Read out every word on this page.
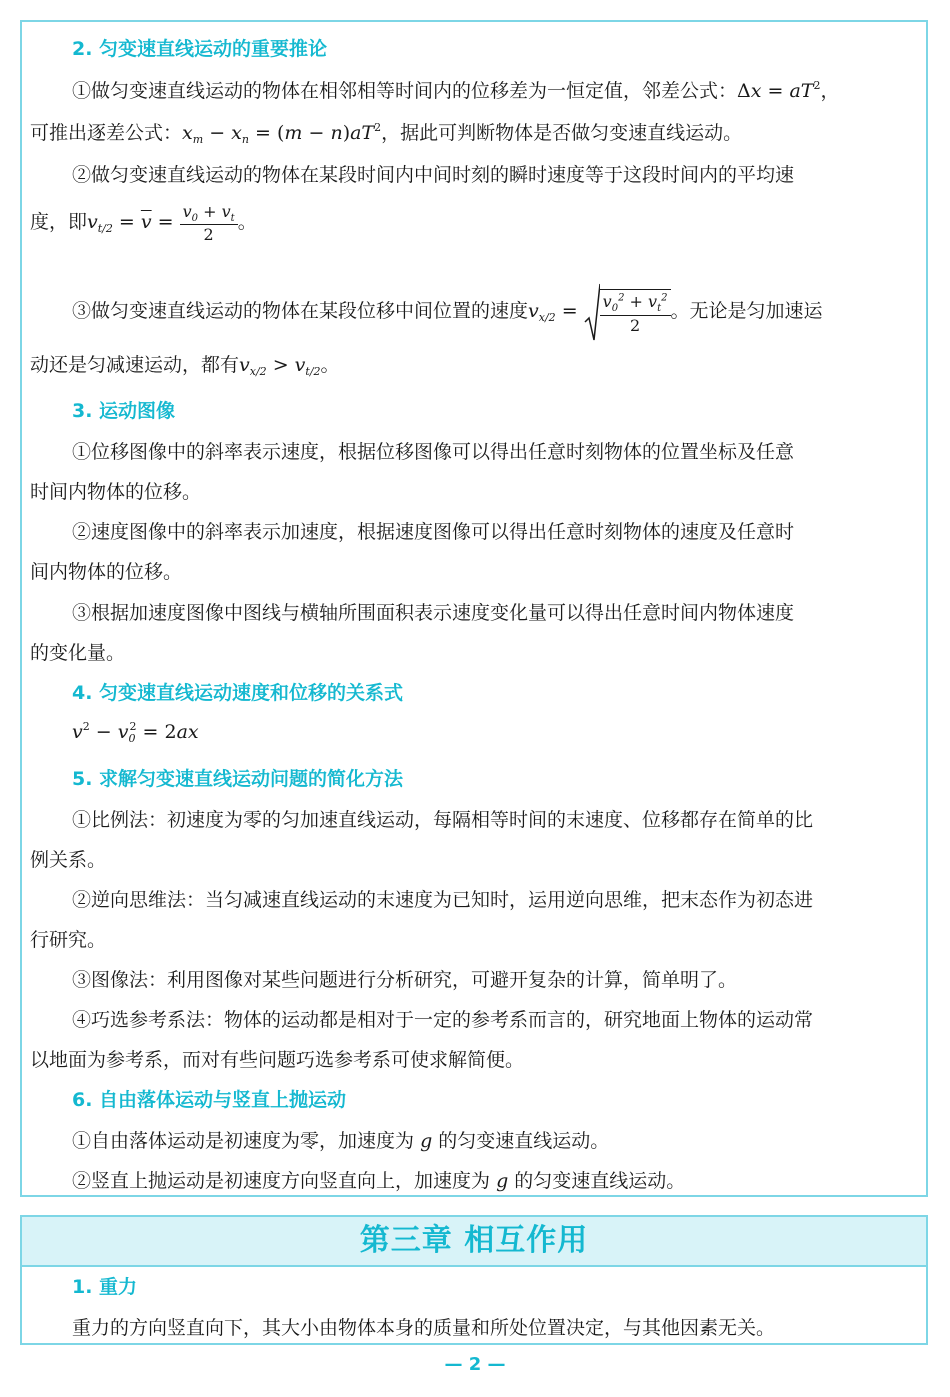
2. 匀变速直线运动的重要推论
①做匀变速直线运动的物体在相邻相等时间内的位移差为一恒定值，邻差公式：$\Delta x = aT^2$，
可推出逐差公式：$x_m - x_n = (m - n)aT^2$，据此可判断物体是否做匀变速直线运动。
②做匀变速直线运动的物体在某段时间内中间时刻的瞬时速度等于这段时间内的平均速
度，即$v_{t/2} = \overline{v} = \frac{v_0 + v_t}{2}$ 。
③做匀变速直线运动的物体在某段位移中间位置的速度$v_{x/2} = \frac{v_0^2 + v_t^2}{2}$ 。无论是匀加速运
动还是匀减速运动，都有$v_{x/2} > v_{t/2}$。
3. 运动图像
①位移图像中的斜率表示速度，根据位移图像可以得出任意时刻物体的位置坐标及任意
时间内物体的位移。
②速度图像中的斜率表示加速度，根据速度图像可以得出任意时刻物体的速度及任意时
间内物体的位移。
③根据加速度图像中图线与横轴所围面积表示速度变化量可以得出任意时间内物体速度
的变化量。
4. 匀变速直线运动速度和位移的关系式
$v^2 - v_0^2 = 2ax$
5. 求解匀变速直线运动问题的简化方法
①比例法：初速度为零的匀加速直线运动，每隔相等时间的末速度、位移都存在简单的比
例关系。
②逆向思维法：当匀减速直线运动的末速度为已知时，运用逆向思维，把末态作为初态进
行研究。
③图像法：利用图像对某些问题进行分析研究，可避开复杂的计算，简单明了。
④巧选参考系法：物体的运动都是相对于一定的参考系而言的，研究地面上物体的运动常
以地面为参考系，而对有些问题巧选参考系可使求解简便。
6. 自由落体运动与竖直上抛运动
①自由落体运动是初速度为零，加速度为 g 的匀变速直线运动。
②竖直上抛运动是初速度方向竖直向上，加速度为 g 的匀变速直线运动。
第三章 相互作用
1. 重力
重力的方向竖直向下，其大小由物体本身的质量和所处位置决定，与其他因素无关。
— 2 —
